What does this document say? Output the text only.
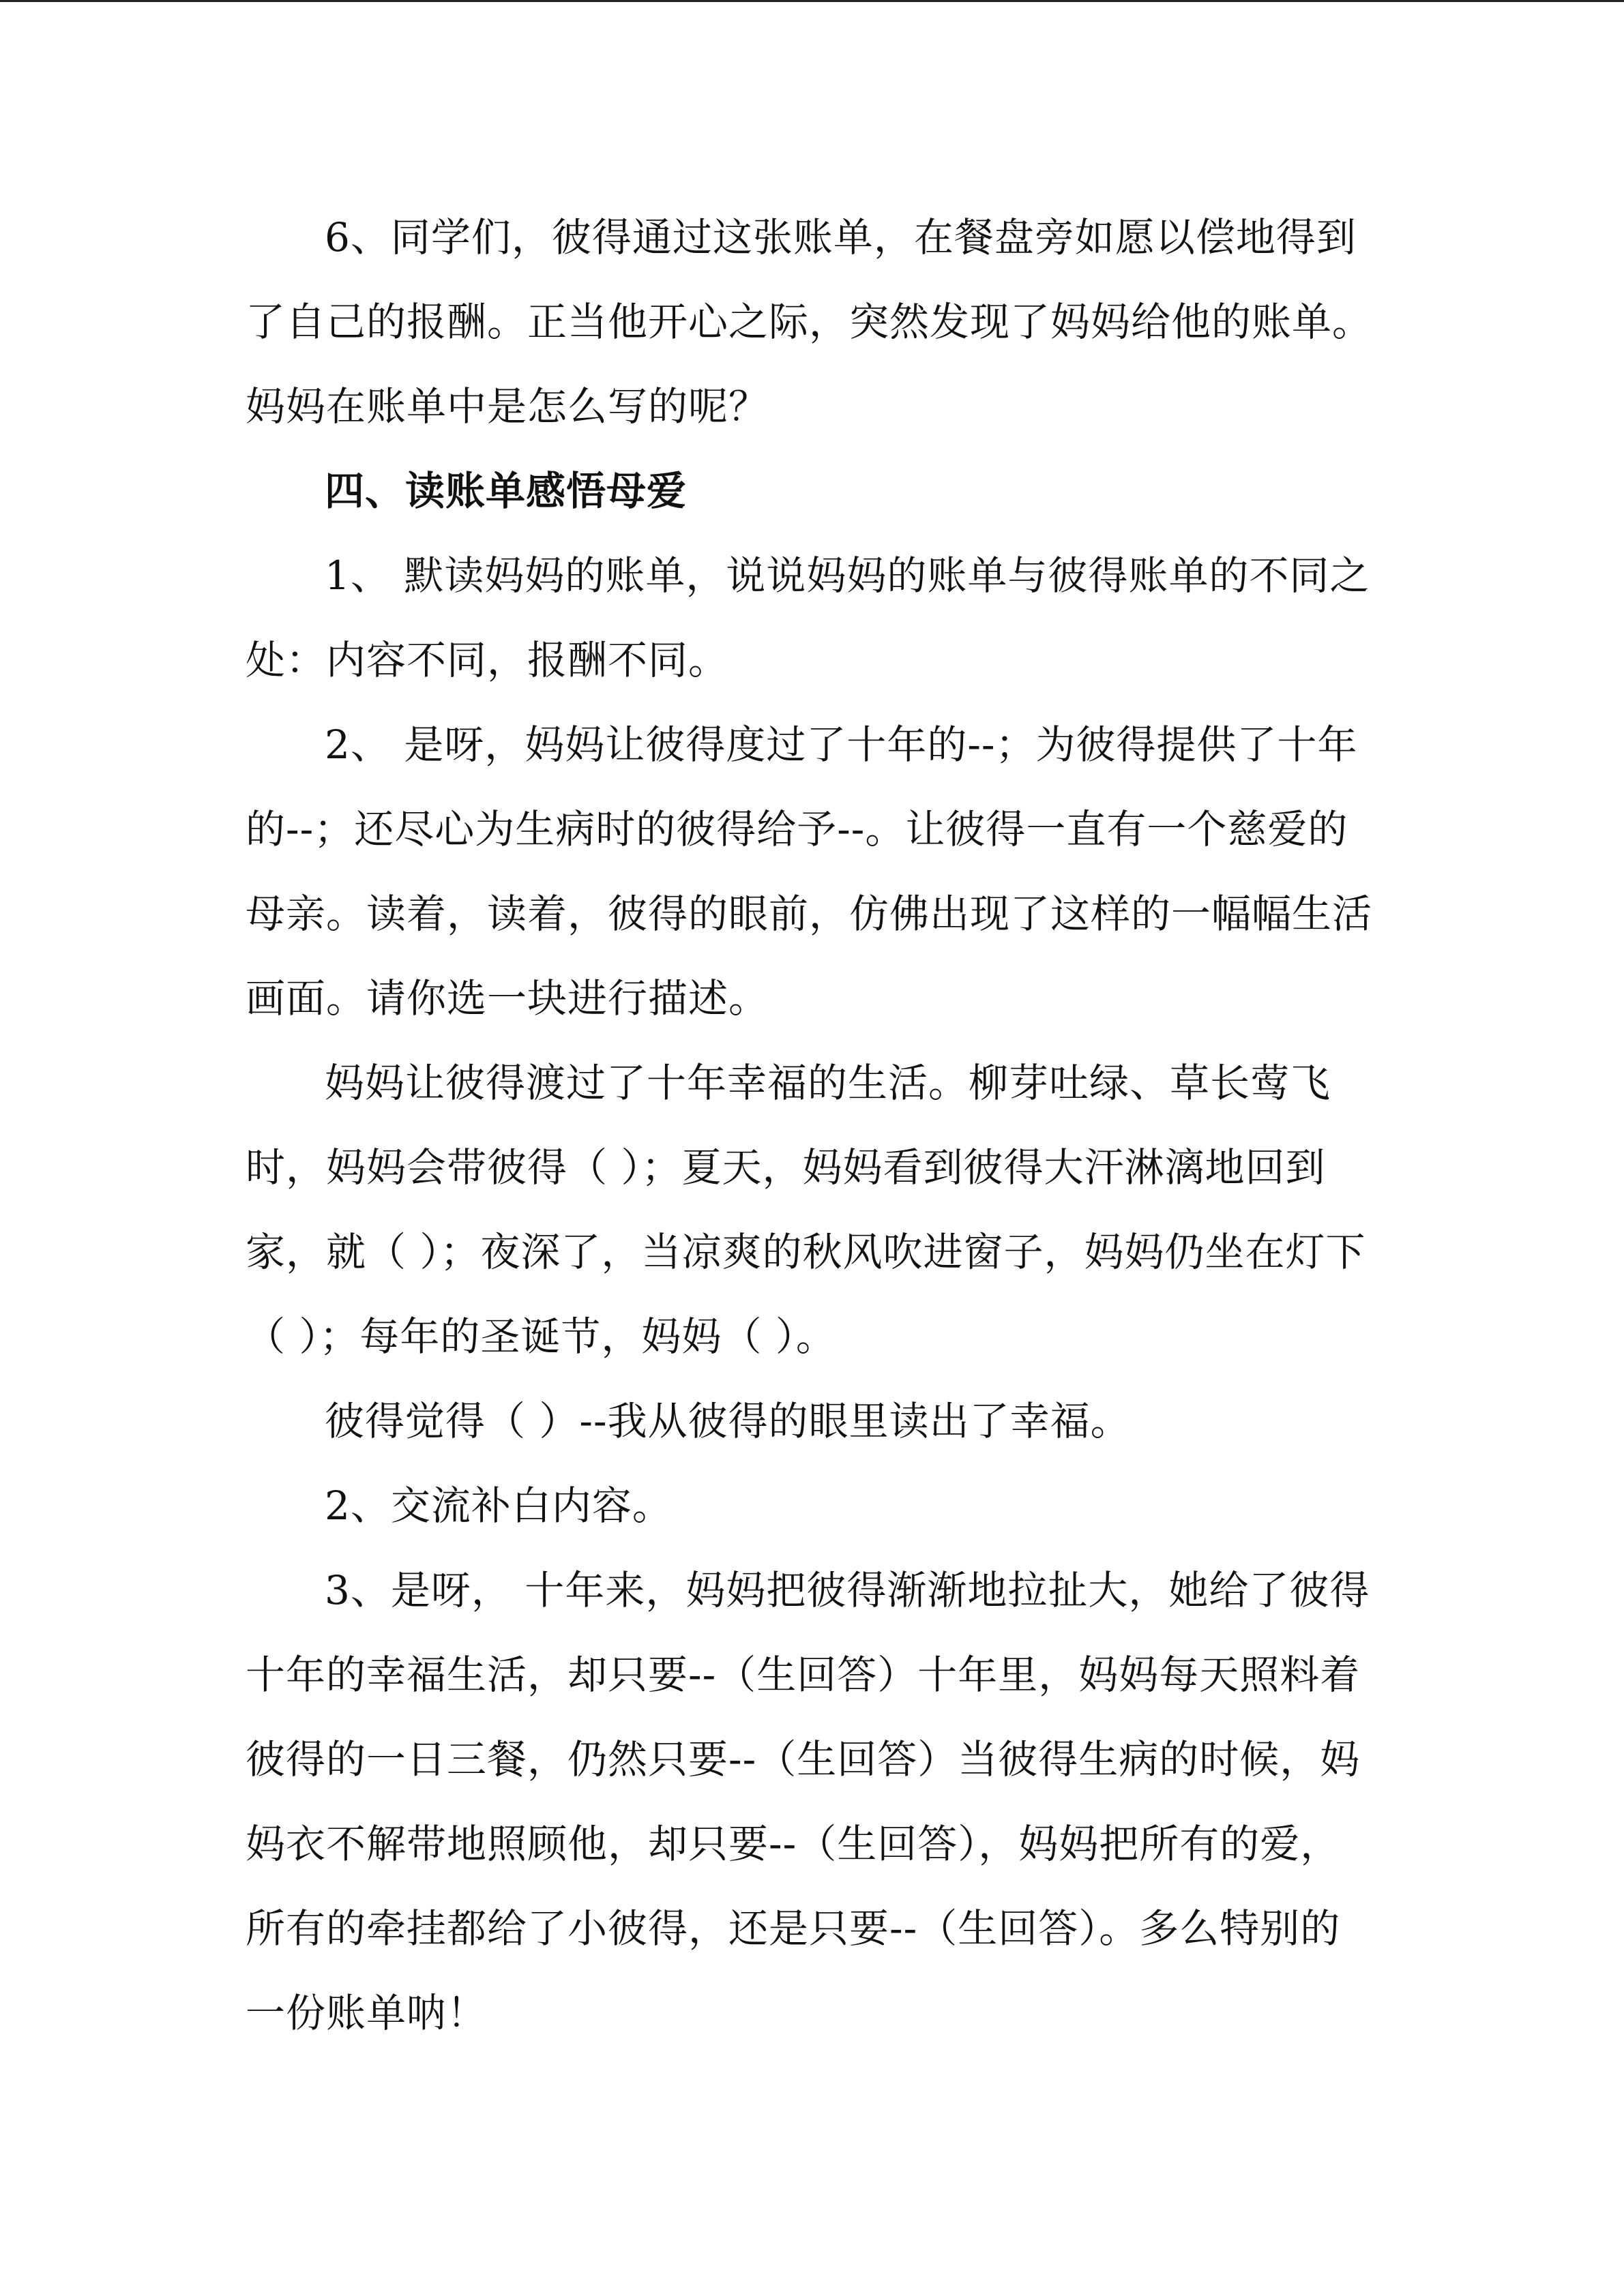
6、同学们，彼得通过这张账单，在餐盘旁如愿以偿地得到了自己的报酬。正当他开心之际，突然发现了妈妈给他的账单。妈妈在账单中是怎么写的呢？

四、读账单感悟母爱

1、 默读妈妈的账单，说说妈妈的账单与彼得账单的不同之处：内容不同，报酬不同。

2、 是呀，妈妈让彼得度过了十年的--；为彼得提供了十年的--；还尽心为生病时的彼得给予--。让彼得一直有一个慈爱的母亲。读着，读着，彼得的眼前，仿佛出现了这样的一幅幅生活画面。请你选一块进行描述。

妈妈让彼得渡过了十年幸福的生活。柳芽吐绿、草长莺飞时，妈妈会带彼得（ ）；夏天，妈妈看到彼得大汗淋漓地回到家，就（ ）；夜深了，当凉爽的秋风吹进窗子，妈妈仍坐在灯下（ ）；每年的圣诞节，妈妈（ ）。

彼得觉得（ ）--我从彼得的眼里读出了幸福。

2、交流补白内容。

3、是呀， 十年来，妈妈把彼得渐渐地拉扯大，她给了彼得十年的幸福生活，却只要--（生回答）十年里，妈妈每天照料着彼得的一日三餐，仍然只要--（生回答）当彼得生病的时候，妈妈衣不解带地照顾他，却只要--（生回答），妈妈把所有的爱，所有的牵挂都给了小彼得，还是只要--（生回答）。多么特别的一份账单呐！
